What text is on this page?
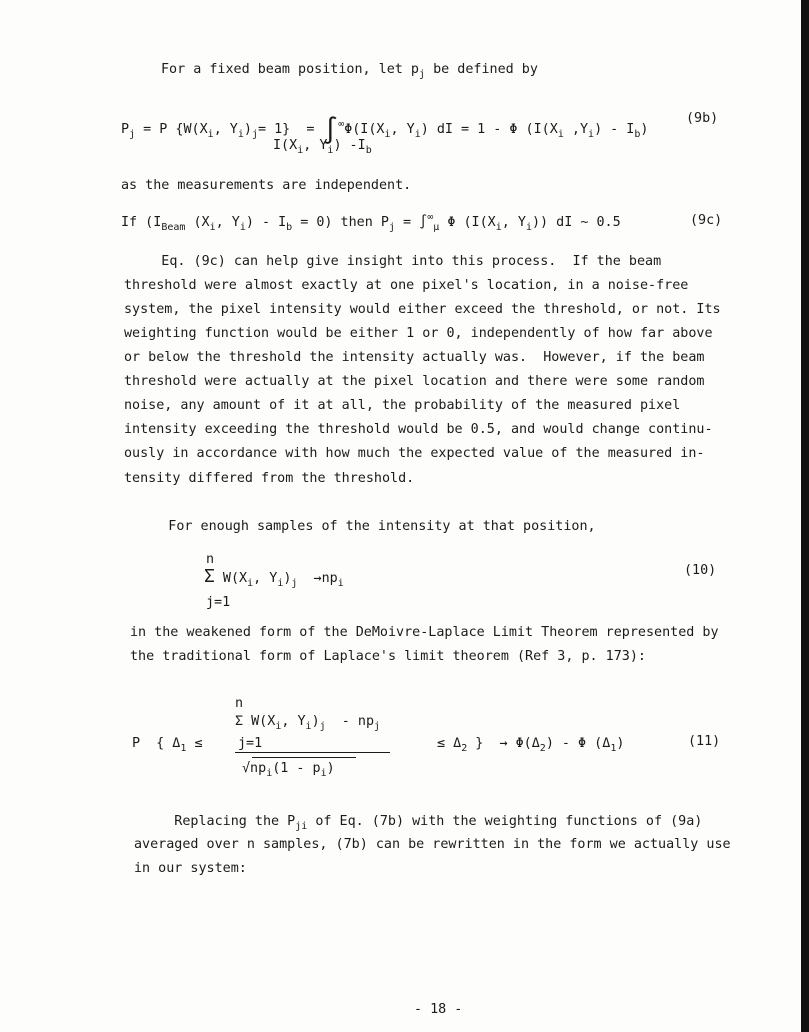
For a fixed beam position, let $p_j$ be defined by
$P_j = P$ {$W(X_i$, $Y_i)_j= 1\} = \int^\infty\Phi(I(X_i$, $Y_i$) dI = 1 - Φ ($I(X_i$ $,Y_i) - I_b$)
(9b)
$I(X_i$, $Y_i$) $-I_b$
as the measurements are independent.
If ($I_{Beam}$ ($X_i$, $Y_i) - I_b = 0$) then $P_j = \int^\infty_\mu$ Φ ($I(X_i$, $Y_i$)) dI ~ 0.5	(9c)
Eq. (9c) can help give insight into this process.  If the beam
threshold were almost exactly at one pixel's location, in a noise-free
system, the pixel intensity would either exceed the threshold, or not. Its
weighting function would be either 1 or 0, independently of how far above
or below the threshold the intensity actually was.  However, if the beam
threshold were actually at the pixel location and there were some random
noise, any amount of it at all, the probability of the measured pixel
intensity exceeding the threshold would be 0.5, and would change continu-
ously in accordance with how much the expected value of the measured in-
tensity differed from the threshold.
For enough samples of the intensity at that position,
n
Σ $W(X_i$, $Y_i)_j \to np_i$
j=1
(10)
in the weakened form of the DeMoivre-Laplace Limit Theorem represented by
the traditional form of Laplace's limit theorem (Ref 3, p. 173):
n
Σ $W(X_i$, $Y_i)_j - np_j$
P  { $\Delta_1$ ≤	j=1	≤ $\Delta_2$ }  → $\Phi(\Delta_2)$ - Φ $(\Delta_1)$	(11)
$√np_i(1 - p_i)$
Replacing the $P_{ji}$ of Eq. (7b) with the weighting functions of (9a)
averaged over n samples, (7b) can be rewritten in the form we actually use
in our system:
- 18 -
